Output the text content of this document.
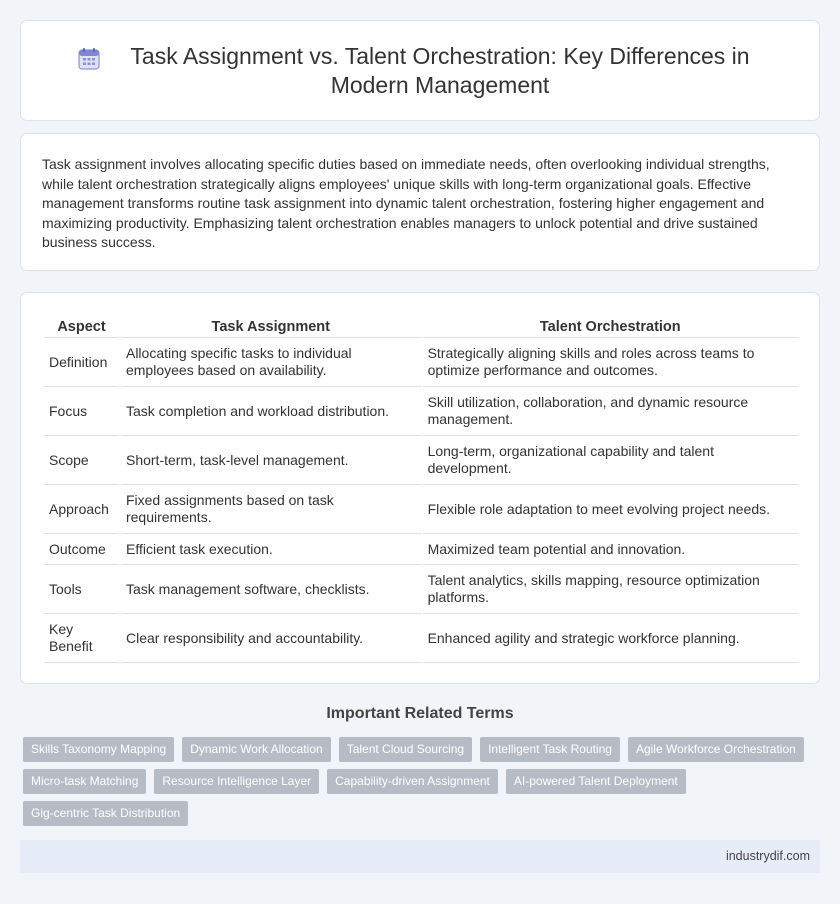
Task Assignment vs. Talent Orchestration: Key Differences in Modern Management

Task assignment involves allocating specific duties based on immediate needs, often overlooking individual strengths, while talent orchestration strategically aligns employees' unique skills with long-term organizational goals. Effective management transforms routine task assignment into dynamic talent orchestration, fostering higher engagement and maximizing productivity. Emphasizing talent orchestration enables managers to unlock potential and drive sustained business success.

Aspect	Task Assignment	Talent Orchestration
Definition	Allocating specific tasks to individual employees based on availability.	Strategically aligning skills and roles across teams to optimize performance and outcomes.
Focus	Task completion and workload distribution.	Skill utilization, collaboration, and dynamic resource management.
Scope	Short-term, task-level management.	Long-term, organizational capability and talent development.
Approach	Fixed assignments based on task requirements.	Flexible role adaptation to meet evolving project needs.
Outcome	Efficient task execution.	Maximized team potential and innovation.
Tools	Task management software, checklists.	Talent analytics, skills mapping, resource optimization platforms.
Key Benefit	Clear responsibility and accountability.	Enhanced agility and strategic workforce planning.
Important Related Terms
Skills Taxonomy Mapping	Dynamic Work Allocation	Talent Cloud Sourcing	Intelligent Task Routing	Agile Workforce Orchestration
Micro-task Matching	Resource Intelligence Layer	Capability-driven Assignment	AI-powered Talent Deployment
Gig-centric Task Distribution
industrydif.com
